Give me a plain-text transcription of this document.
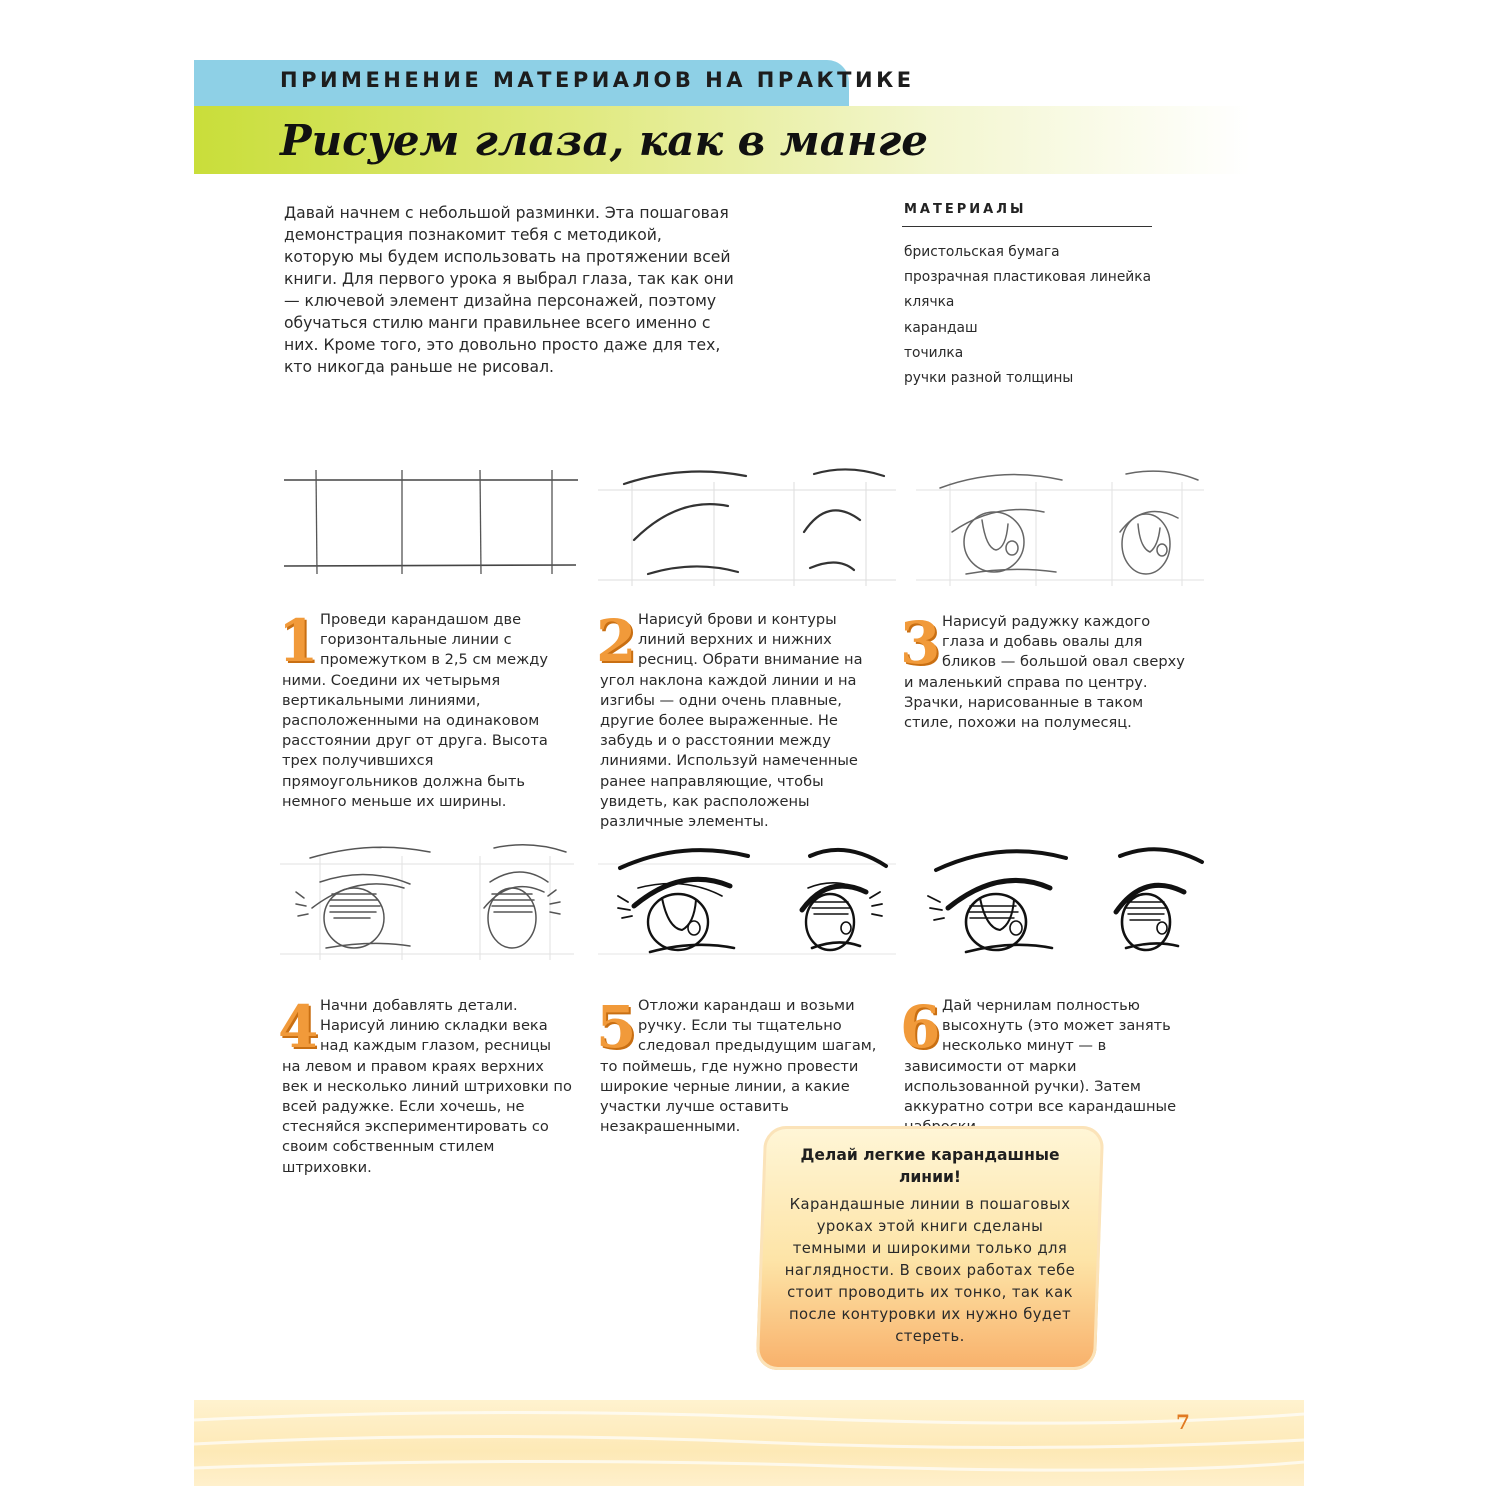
ПРИМЕНЕНИЕ МАТЕРИАЛОВ НА ПРАКТИКЕ
Рисуем глаза, как в манге
Давай начнем с небольшой разминки. Эта пошаговая демонстрация познакомит тебя с методикой, которую мы будем использовать на протяжении всей книги. Для первого урока я выбрал глаза, так как они — ключевой элемент дизайна персонажей, поэтому обучаться стилю манги правильнее всего именно с них. Кроме того, это довольно просто даже для тех, кто никогда раньше не рисовал.
МАТЕРИАЛЫ
бристольская бумага
прозрачная пластиковая линейка
клячка
карандаш
точилка
ручки разной толщины
1 Проведи карандашом две горизонтальные линии с промежутком в 2,5 см между ними. Соедини их четырьмя вертикальными линиями, расположенными на одинаковом расстоянии друг от друга. Высота трех получившихся прямоугольников должна быть немного меньше их ширины.
2 Нарисуй брови и контуры линий верхних и нижних ресниц. Обрати внимание на угол наклона каждой линии и на изгибы — одни очень плавные, другие более выраженные. Не забудь и о расстоянии между линиями. Используй намеченные ранее направляющие, чтобы увидеть, как расположены различные элементы.
3 Нарисуй радужку каждого глаза и добавь овалы для бликов — большой овал сверху и маленький справа по центру. Зрачки, нарисованные в таком стиле, похожи на полумесяц.
4 Начни добавлять детали. Нарисуй линию складки века над каждым глазом, ресницы на левом и правом краях верхних век и несколько линий штриховки по всей радужке. Если хочешь, не стесняйся экспериментировать со своим собственным стилем штриховки.
5 Отложи карандаш и возьми ручку. Если ты тщательно следовал предыдущим шагам, то поймешь, где нужно провести широкие черные линии, а какие участки лучше оставить незакрашенными.
6 Дай чернилам полностью высохнуть (это может занять несколько минут — в зависимости от марки использованной ручки). Затем аккуратно сотри все карандашные
Делай легкие карандашные линии!
Карандашные линии в пошаговых уроках этой книги сделаны темными и широкими только для наглядности. В своих работах тебе стоит проводить их тонко, так как после контуровки их нужно будет стереть.
7
